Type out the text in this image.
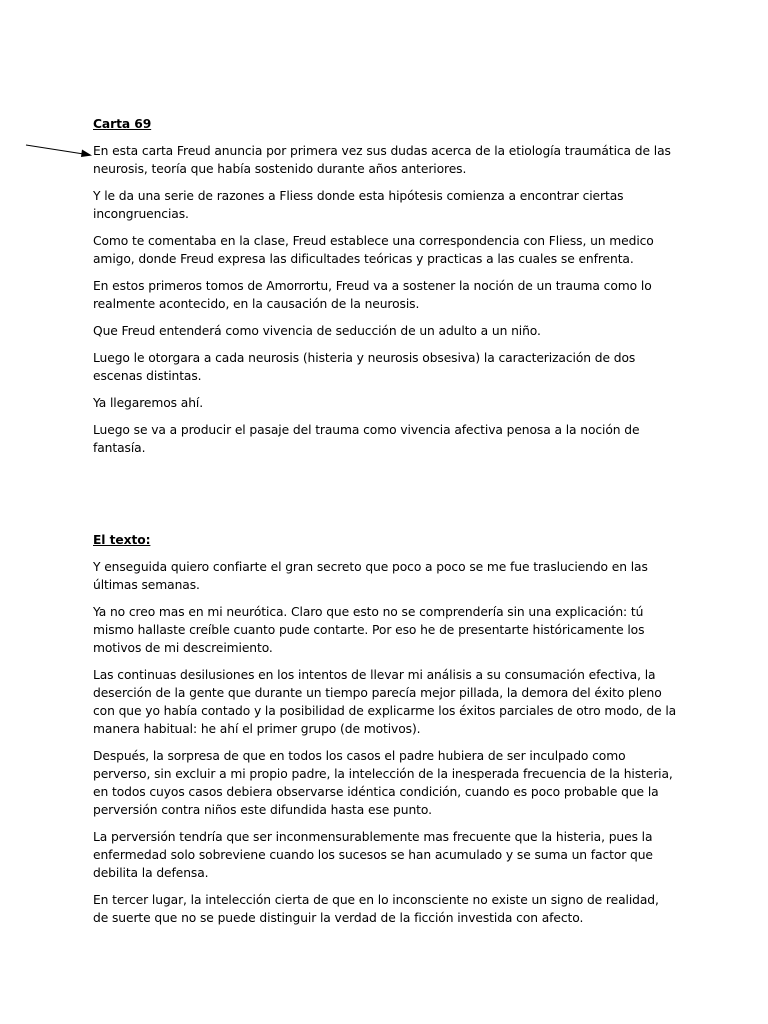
Carta 69

En esta carta Freud anuncia por primera vez sus dudas acerca de la etiología traumática de las neurosis, teoría que había sostenido durante años anteriores.

Y le da una serie de razones a Fliess donde esta hipótesis comienza a encontrar ciertas incongruencias.

Como te comentaba en la clase, Freud establece una correspondencia con Fliess, un medico amigo, donde Freud expresa las dificultades teóricas y practicas a las cuales se enfrenta.

En estos primeros tomos de Amorrortu, Freud va a sostener la noción de un trauma como lo realmente acontecido, en la causación de la neurosis.

Que Freud entenderá como vivencia de seducción de un adulto a un niño.

Luego le otorgara a cada neurosis (histeria y neurosis obsesiva) la caracterización de dos escenas distintas.

Ya llegaremos ahí.

Luego se va a producir el pasaje del trauma como vivencia afectiva penosa a la noción de fantasía.

El texto:

Y enseguida quiero confiarte el gran secreto que poco a poco se me fue trasluciendo en las últimas semanas.

Ya no creo mas en mi neurótica. Claro que esto no se comprendería sin una explicación: tú mismo hallaste creíble cuanto pude contarte. Por eso he de presentarte históricamente los motivos de mi descreimiento.

Las continuas desilusiones en los intentos de llevar mi análisis a su consumación efectiva, la deserción de la gente que durante un tiempo parecía mejor pillada, la demora del éxito pleno con que yo había contado y la posibilidad de explicarme los éxitos parciales de otro modo, de la manera habitual: he ahí el primer grupo (de motivos).

Después, la sorpresa de que en todos los casos el padre hubiera de ser inculpado como perverso, sin excluir a mi propio padre, la intelección de la inesperada frecuencia de la histeria, en todos cuyos casos debiera observarse idéntica condición, cuando es poco probable que la perversión contra niños este difundida hasta ese punto.

La perversión tendría que ser inconmensurablemente mas frecuente que la histeria, pues la enfermedad solo sobreviene cuando los sucesos se han acumulado y se suma un factor que debilita la defensa.

En tercer lugar, la intelección cierta de que en lo inconsciente no existe un signo de realidad, de suerte que no se puede distinguir la verdad de la ficción investida con afecto.
